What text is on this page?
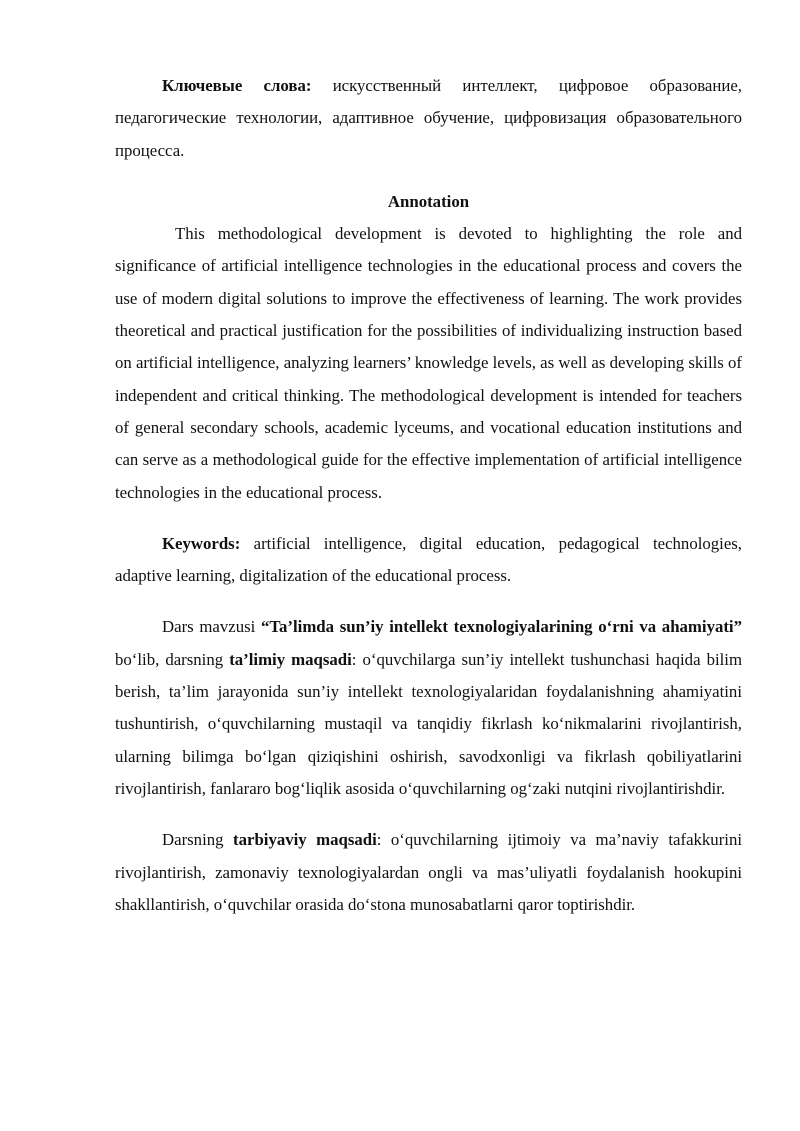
Ключевые слова: искусственный интеллект, цифровое образование, педагогические технологии, адаптивное обучение, цифровизация образовательного процесса.

Annotation

This methodological development is devoted to highlighting the role and significance of artificial intelligence technologies in the educational process and covers the use of modern digital solutions to improve the effectiveness of learning. The work provides theoretical and practical justification for the possibilities of individualizing instruction based on artificial intelligence, analyzing learners’ knowledge levels, as well as developing skills of independent and critical thinking. The methodological development is intended for teachers of general secondary schools, academic lyceums, and vocational education institutions and can serve as a methodological guide for the effective implementation of artificial intelligence technologies in the educational process.

Keywords: artificial intelligence, digital education, pedagogical technologies, adaptive learning, digitalization of the educational process.

Dars mavzusi “Ta’limda sun’iy intellekt texnologiyalarining o‘rni va ahamiyati” bo‘lib, darsning ta’limiy maqsadi: o‘quvchilarga sun’iy intellekt tushunchasi haqida bilim berish, ta’lim jarayonida sun’iy intellekt texnologiyalaridan foydalanishning ahamiyatini tushuntirish, o‘quvchilarning mustaqil va tanqidiy fikrlash ko‘nikmalarini rivojlantirish, ularning bilimga bo‘lgan qiziqishini oshirish, savodxonligi va fikrlash qobiliyatlarini rivojlantirish, fanlararo bog‘liqlik asosida o‘quvchilarning og‘zaki nutqini rivojlantirishdir.

Darsning tarbiyaviy maqsadi: o‘quvchilarning ijtimoiy va ma’naviy tafakkurini rivojlantirish, zamonaviy texnologiyalardan ongli va mas’uliyatli foydalanish hookupini shakllantirish, o‘quvchilar orasida do‘stona munosabatlarni qaror toptirishdir.
